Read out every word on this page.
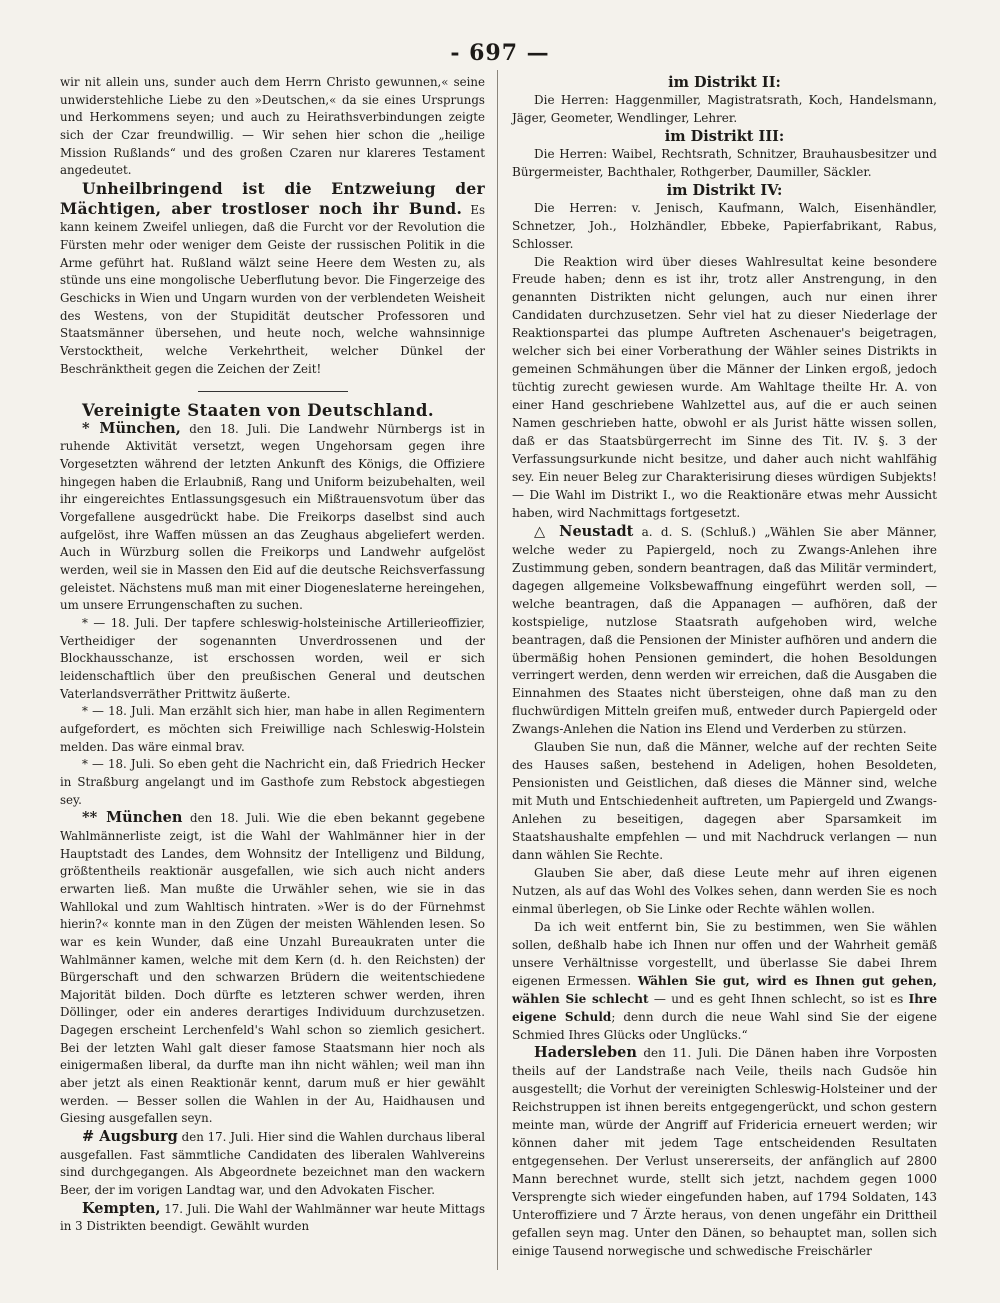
- 697 —

wir nit allein uns, sunder auch dem Herrn Christo gewunnen,« seine unwiderstehliche Liebe zu den »Deutschen,« da sie eines Ursprungs und Herkommens seyen; und auch zu Heirathsverbindungen zeigte sich der Czar freundwillig. — Wir sehen hier schon die „heilige Mission Rußlands“ und des großen Czaren nur klareres Testament angedeutet.

Unheilbringend ist die Entzweiung der Mächtigen, aber trostloser noch ihr Bund. Es kann keinem Zweifel unliegen, daß die Furcht vor der Revolution die Fürsten mehr oder weniger dem Geiste der russischen Politik in die Arme geführt hat. Rußland wälzt seine Heere dem Westen zu, als stünde uns eine mongolische Ueberflutung bevor. Die Fingerzeige des Geschicks in Wien und Ungarn wurden von der verblendeten Weisheit des Westens, von der Stupidität deutscher Professoren und Staatsmänner übersehen, und heute noch, welche wahnsinnige Verstocktheit, welche Verkehrtheit, welcher Dünkel der Beschränktheit gegen die Zeichen der Zeit!

Vereinigte Staaten von Deutschland.

* München, den 18. Juli. Die Landwehr Nürnbergs ist in ruhende Aktivität versetzt, wegen Ungehorsam gegen ihre Vorgesetzten während der letzten Ankunft des Königs, die Offiziere hingegen haben die Erlaubniß, Rang und Uniform beizubehalten, weil ihr eingereichtes Entlassungsgesuch ein Mißtrauensvotum über das Vorgefallene ausgedrückt habe. Die Freikorps daselbst sind auch aufgelöst, ihre Waffen müssen an das Zeughaus abgeliefert werden. Auch in Würzburg sollen die Freikorps und Landwehr aufgelöst werden, weil sie in Massen den Eid auf die deutsche Reichsverfassung geleistet. Nächstens muß man mit einer Diogeneslaterne hereingehen, um unsere Errungenschaften zu suchen.

* — 18. Juli. Der tapfere schleswig-holsteinische Artillerieoffizier, Vertheidiger der sogenannten Unverdrossenen und der Blockhausschanze, ist erschossen worden, weil er sich leidenschaftlich über den preußischen General und deutschen Vaterlandsverräther Prittwitz äußerte.

* — 18. Juli. Man erzählt sich hier, man habe in allen Regimentern aufgefordert, es möchten sich Freiwillige nach Schleswig-Holstein melden. Das wäre einmal brav.

* — 18. Juli. So eben geht die Nachricht ein, daß Friedrich Hecker in Straßburg angelangt und im Gasthofe zum Rebstock abgestiegen sey.

** München den 18. Juli. Wie die eben bekannt gegebene Wahlmännerliste zeigt, ist die Wahl der Wahlmänner hier in der Hauptstadt des Landes, dem Wohnsitz der Intelligenz und Bildung, größtentheils reaktionär ausgefallen, wie sich auch nicht anders erwarten ließ. Man mußte die Urwähler sehen, wie sie in das Wahllokal und zum Wahltisch hintraten. »Wer is do der Fürnehmst hierin?« konnte man in den Zügen der meisten Wählenden lesen. So war es kein Wunder, daß eine Unzahl Bureaukraten unter die Wahlmänner kamen, welche mit dem Kern (d. h. den Reichsten) der Bürgerschaft und den schwarzen Brüdern die weitentschiedene Majorität bilden. Doch dürfte es letzteren schwer werden, ihren Döllinger, oder ein anderes derartiges Individuum durchzusetzen. Dagegen erscheint Lerchenfeld's Wahl schon so ziemlich gesichert. Bei der letzten Wahl galt dieser famose Staatsmann hier noch als einigermaßen liberal, da durfte man ihn nicht wählen; weil man ihn aber jetzt als einen Reaktionär kennt, darum muß er hier gewählt werden. — Besser sollen die Wahlen in der Au, Haidhausen und Giesing ausgefallen seyn.

# Augsburg den 17. Juli. Hier sind die Wahlen durchaus liberal ausgefallen. Fast sämmtliche Candidaten des liberalen Wahlvereins sind durchgegangen. Als Abgeordnete bezeichnet man den wackern Beer, der im vorigen Landtag war, und den Advokaten Fischer.

Kempten, 17. Juli. Die Wahl der Wahlmänner war heute Mittags in 3 Distrikten beendigt. Gewählt wurden

im Distrikt II:

Die Herren: Haggenmiller, Magistratsrath, Koch, Handelsmann, Jäger, Geometer, Wendlinger, Lehrer.

im Distrikt III:

Die Herren: Waibel, Rechtsrath, Schnitzer, Brauhausbesitzer und Bürgermeister, Bachthaler, Rothgerber, Daumiller, Säckler.

im Distrikt IV:

Die Herren: v. Jenisch, Kaufmann, Walch, Eisenhändler, Schnetzer, Joh., Holzhändler, Ebbeke, Papierfabrikant, Rabus, Schlosser.

Die Reaktion wird über dieses Wahlresultat keine besondere Freude haben; denn es ist ihr, trotz aller Anstrengung, in den genannten Distrikten nicht gelungen, auch nur einen ihrer Candidaten durchzusetzen. Sehr viel hat zu dieser Niederlage der Reaktionspartei das plumpe Auftreten Aschenauer's beigetragen, welcher sich bei einer Vorberathung der Wähler seines Distrikts in gemeinen Schmähungen über die Männer der Linken ergoß, jedoch tüchtig zurecht gewiesen wurde. Am Wahltage theilte Hr. A. von einer Hand geschriebene Wahlzettel aus, auf die er auch seinen Namen geschrieben hatte, obwohl er als Jurist hätte wissen sollen, daß er das Staatsbürgerrecht im Sinne des Tit. IV. §. 3 der Verfassungsurkunde nicht besitze, und daher auch nicht wahlfähig sey. Ein neuer Beleg zur Charakterisirung dieses würdigen Subjekts! — Die Wahl im Distrikt I., wo die Reaktionäre etwas mehr Aussicht haben, wird Nachmittags fortgesetzt.

△ Neustadt a. d. S. (Schluß.) „Wählen Sie aber Männer, welche weder zu Papiergeld, noch zu Zwangs-Anlehen ihre Zustimmung geben, sondern beantragen, daß das Militär vermindert, dagegen allgemeine Volksbewaffnung eingeführt werden soll, — welche beantragen, daß die Appanagen — aufhören, daß der kostspielige, nutzlose Staatsrath aufgehoben wird, welche beantragen, daß die Pensionen der Minister aufhören und andern die übermäßig hohen Pensionen gemindert, die hohen Besoldungen verringert werden, denn werden wir erreichen, daß die Ausgaben die Einnahmen des Staates nicht übersteigen, ohne daß man zu den fluchwürdigen Mitteln greifen muß, entweder durch Papiergeld oder Zwangs-Anlehen die Nation ins Elend und Verderben zu stürzen.

Glauben Sie nun, daß die Männer, welche auf der rechten Seite des Hauses saßen, bestehend in Adeligen, hohen Besoldeten, Pensionisten und Geistlichen, daß dieses die Männer sind, welche mit Muth und Entschiedenheit auftreten, um Papiergeld und Zwangs-Anlehen zu beseitigen, dagegen aber Sparsamkeit im Staatshaushalte empfehlen — und mit Nachdruck verlangen — nun dann wählen Sie Rechte.

Glauben Sie aber, daß diese Leute mehr auf ihren eigenen Nutzen, als auf das Wohl des Volkes sehen, dann werden Sie es noch einmal überlegen, ob Sie Linke oder Rechte wählen wollen.

Da ich weit entfernt bin, Sie zu bestimmen, wen Sie wählen sollen, deßhalb habe ich Ihnen nur offen und der Wahrheit gemäß unsere Verhältnisse vorgestellt, und überlasse Sie dabei Ihrem eigenen Ermessen. Wählen Sie gut, wird es Ihnen gut gehen, wählen Sie schlecht — und es geht Ihnen schlecht, so ist es Ihre eigene Schuld; denn durch die neue Wahl sind Sie der eigene Schmied Ihres Glücks oder Unglücks.“

Hadersleben den 11. Juli. Die Dänen haben ihre Vorposten theils auf der Landstraße nach Veile, theils nach Gudsöe hin ausgestellt; die Vorhut der vereinigten Schleswig-Holsteiner und der Reichstruppen ist ihnen bereits entgegengerückt, und schon gestern meinte man, würde der Angriff auf Fridericia erneuert werden; wir können daher mit jedem Tage entscheidenden Resultaten entgegensehen. Der Verlust unsererseits, der anfänglich auf 2800 Mann berechnet wurde, stellt sich jetzt, nachdem gegen 1000 Versprengte sich wieder eingefunden haben, auf 1794 Soldaten, 143 Unteroffiziere und 7 Ärzte heraus, von denen ungefähr ein Drittheil gefallen seyn mag. Unter den Dänen, so behauptet man, sollen sich einige Tausend norwegische und schwedische Freischärler
